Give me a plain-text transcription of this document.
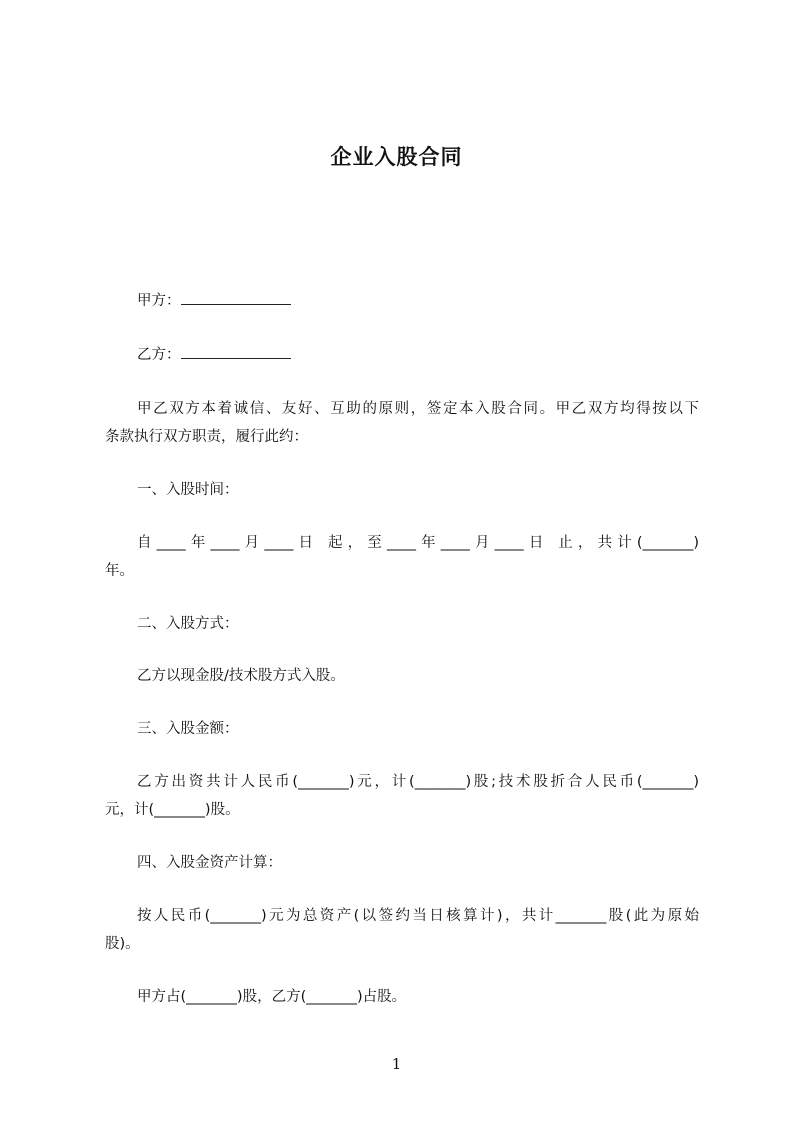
企业入股合同
甲方：
乙方：
甲乙双方本着诚信、友好、互助的原则，签定本入股合同。甲乙双方均得按以下
条款执行双方职责，履行此约：
一、入股时间：
自____年____月____日 起，至____年____月____日 止，共计(_______)
年。
二、入股方式：
乙方以现金股/技术股方式入股。
三、入股金额：
乙方出资共计人民币(_______)元，计(_______)股;技术股折合人民币(_______)
元，计(_______)股。
四、入股金资产计算：
按人民币(_______)元为总资产(以签约当日核算计)，共计_______股(此为原始
股)。
甲方占(_______)股，乙方(_______)占股。
1
